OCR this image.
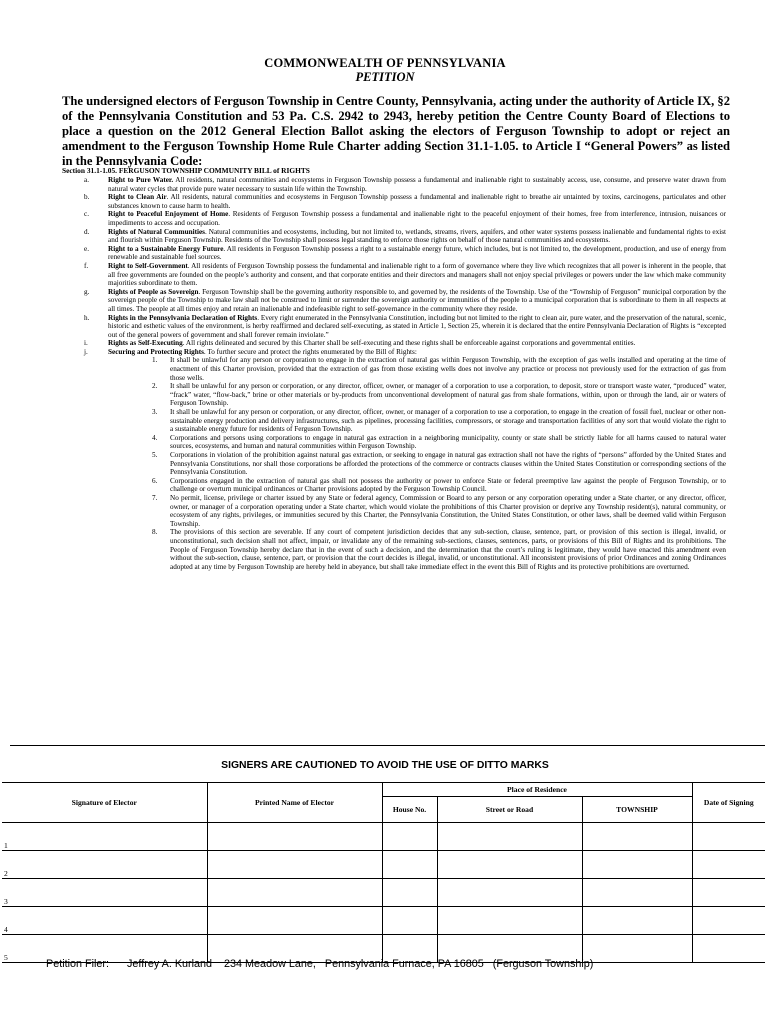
COMMONWEALTH OF PENNSYLVANIA
PETITION
The undersigned electors of Ferguson Township in Centre County, Pennsylvania, acting under the authority of Article IX, §2 of the Pennsylvania Constitution and 53 Pa. C.S. 2942 to 2943, hereby petition the Centre County Board of Elections to place a question on the 2012 General Election Ballot asking the electors of Ferguson Township to adopt or reject an amendment to the Ferguson Township Home Rule Charter adding Section 31.1-1.05. to Article I “General Powers” as listed in the Pennsylvania Code:
Section 31.1-1.05. FERGUSON TOWNSHIP COMMUNITY BILL of RIGHTS

a.	Right to Pure Water. All residents, natural communities and ecosystems in Ferguson Township possess a fundamental and inalienable right to sustainably access, use, consume, and preserve water drawn from natural water cycles that provide pure water necessary to sustain life within the Township.

b.	Right to Clean Air. All residents, natural communities and ecosystems in Ferguson Township possess a fundamental and inalienable right to breathe air untainted by toxins, carcinogens, particulates and other substances known to cause harm to health.

c.	Right to Peaceful Enjoyment of Home. Residents of Ferguson Township possess a fundamental and inalienable right to the peaceful enjoyment of their homes, free from interference, intrusion, nuisances or impediments to access and occupation.

d.	Rights of Natural Communities. Natural communities and ecosystems, including, but not limited to, wetlands, streams, rivers, aquifers, and other water systems possess inalienable and fundamental rights to exist and flourish within Ferguson Township. Residents of the Township shall possess legal standing to enforce those rights on behalf of those natural communities and ecosystems.

e.	Right to a Sustainable Energy Future. All residents in Ferguson Township possess a right to a sustainable energy future, which includes, but is not limited to, the development, production, and use of energy from renewable and sustainable fuel sources.

f.	Right to Self-Government. All residents of Ferguson Township possess the fundamental and inalienable right to a form of governance where they live which recognizes that all power is inherent in the people, that all free governments are founded on the people’s authority and consent, and that corporate entities and their directors and managers shall not enjoy special privileges or powers under the law which make community majorities subordinate to them.

g.	Rights of People as Sovereign. Ferguson Township shall be the governing authority responsible to, and governed by, the residents of the Township. Use of the “Township of Ferguson” municipal corporation by the sovereign people of the Township to make law shall not be construed to limit or surrender the sovereign authority or immunities of the people to a municipal corporation that is subordinate to them in all respects at all times. The people at all times enjoy and retain an inalienable and indefeasible right to self-governance in the community where they reside.

h.	Rights in the Pennsylvania Declaration of Rights. Every right enumerated in the Pennsylvania Constitution, including but not limited to the right to clean air, pure water, and the preservation of the natural, scenic, historic and esthetic values of the environment, is herby reaffirmed and declared self-executing, as stated in Article 1, Section 25, wherein it is declared that the entire Pennsylvania Declaration of Rights is “excepted out of the general powers of government and shall forever remain inviolate.”

i.	Rights as Self-Executing. All rights delineated and secured by this Charter shall be self-executing and these rights shall be enforceable against corporations and governmental entities.

j.	Securing and Protecting Rights. To further secure and protect the rights enumerated by the Bill of Rights:

1. It shall be unlawful for any person or corporation to engage in the extraction of natural gas within Ferguson Township, with the exception of gas wells installed and operating at the time of enactment of this Charter provision, provided that the extraction of gas from those existing wells does not involve any practice or process not previously used for the extraction of gas from those wells.

2. It shall be unlawful for any person or corporation, or any director, officer, owner, or manager of a corporation to use a corporation, to deposit, store or transport waste water, “produced” water, “frack” water, “flow-back,” brine or other materials or by-products from unconventional development of natural gas from shale formations, within, upon or through the land, air or waters of Ferguson Township.

3. It shall be unlawful for any person or corporation, or any director, officer, owner, or manager of a corporation to use a corporation, to engage in the creation of fossil fuel, nuclear or other non-sustainable energy production and delivery infrastructures, such as pipelines, processing facilities, compressors, or storage and transportation facilities of any sort that would violate the right to a sustainable energy future for residents of Ferguson Township.

4. Corporations and persons using corporations to engage in natural gas extraction in a neighboring municipality, county or state shall be strictly liable for all harms caused to natural water sources, ecosystems, and human and natural communities within Ferguson Township.

5. Corporations in violation of the prohibition against natural gas extraction, or seeking to engage in natural gas extraction shall not have the rights of “persons” afforded by the United States and Pennsylvania Constitutions, nor shall those corporations be afforded the protections of the commerce or contracts clauses within the United States Constitution or corresponding sections of the Pennsylvania Constitution.

6. Corporations engaged in the extraction of natural gas shall not possess the authority or power to enforce State or federal preemptive law against the people of Ferguson Township, or to challenge or overturn municipal ordinances or Charter provisions adopted by the Ferguson Township Council.

7. No permit, license, privilege or charter issued by any State or federal agency, Commission or Board to any person or any corporation operating under a State charter, or any director, officer, owner, or manager of a corporation operating under a State charter, which would violate the prohibitions of this Charter provision or deprive any Township resident(s), natural community, or ecosystem of any rights, privileges, or immunities secured by this Charter, the Pennsylvania Constitution, the United States Constitution, or other laws, shall be deemed valid within Ferguson Township.

8. The provisions of this section are severable. If any court of competent jurisdiction decides that any sub-section, clause, sentence, part, or provision of this section is illegal, invalid, or unconstitutional, such decision shall not affect, impair, or invalidate any of the remaining sub-sections, clauses, sentences, parts, or provisions of this Bill of Rights and its prohibitions. The People of Ferguson Township hereby declare that in the event of such a decision, and the determination that the court’s ruling is legitimate, they would have enacted this amendment even without the sub-section, clause, sentence, part, or provision that the court decides is illegal, invalid, or unconstitutional. All inconsistent provisions of prior Ordinances and zoning Ordinances adopted at any time by Ferguson Township are hereby held in abeyance, but shall take immediate effect in the event this Bill of Rights and its protective prohibitions are overturned.

SIGNERS ARE CAUTIONED TO AVOID THE USE OF DITTO MARKS
Signature of Elector	Printed Name of Elector	Place of Residence			Date of Signing
		House No.	Street or Road	TOWNSHIP	
1					
2					
3					
4					
5					
Petition Filer: Jeffrey A. Kurland 234 Meadow Lane, Pennsylvania Furnace, PA 16805 (Ferguson Township)
